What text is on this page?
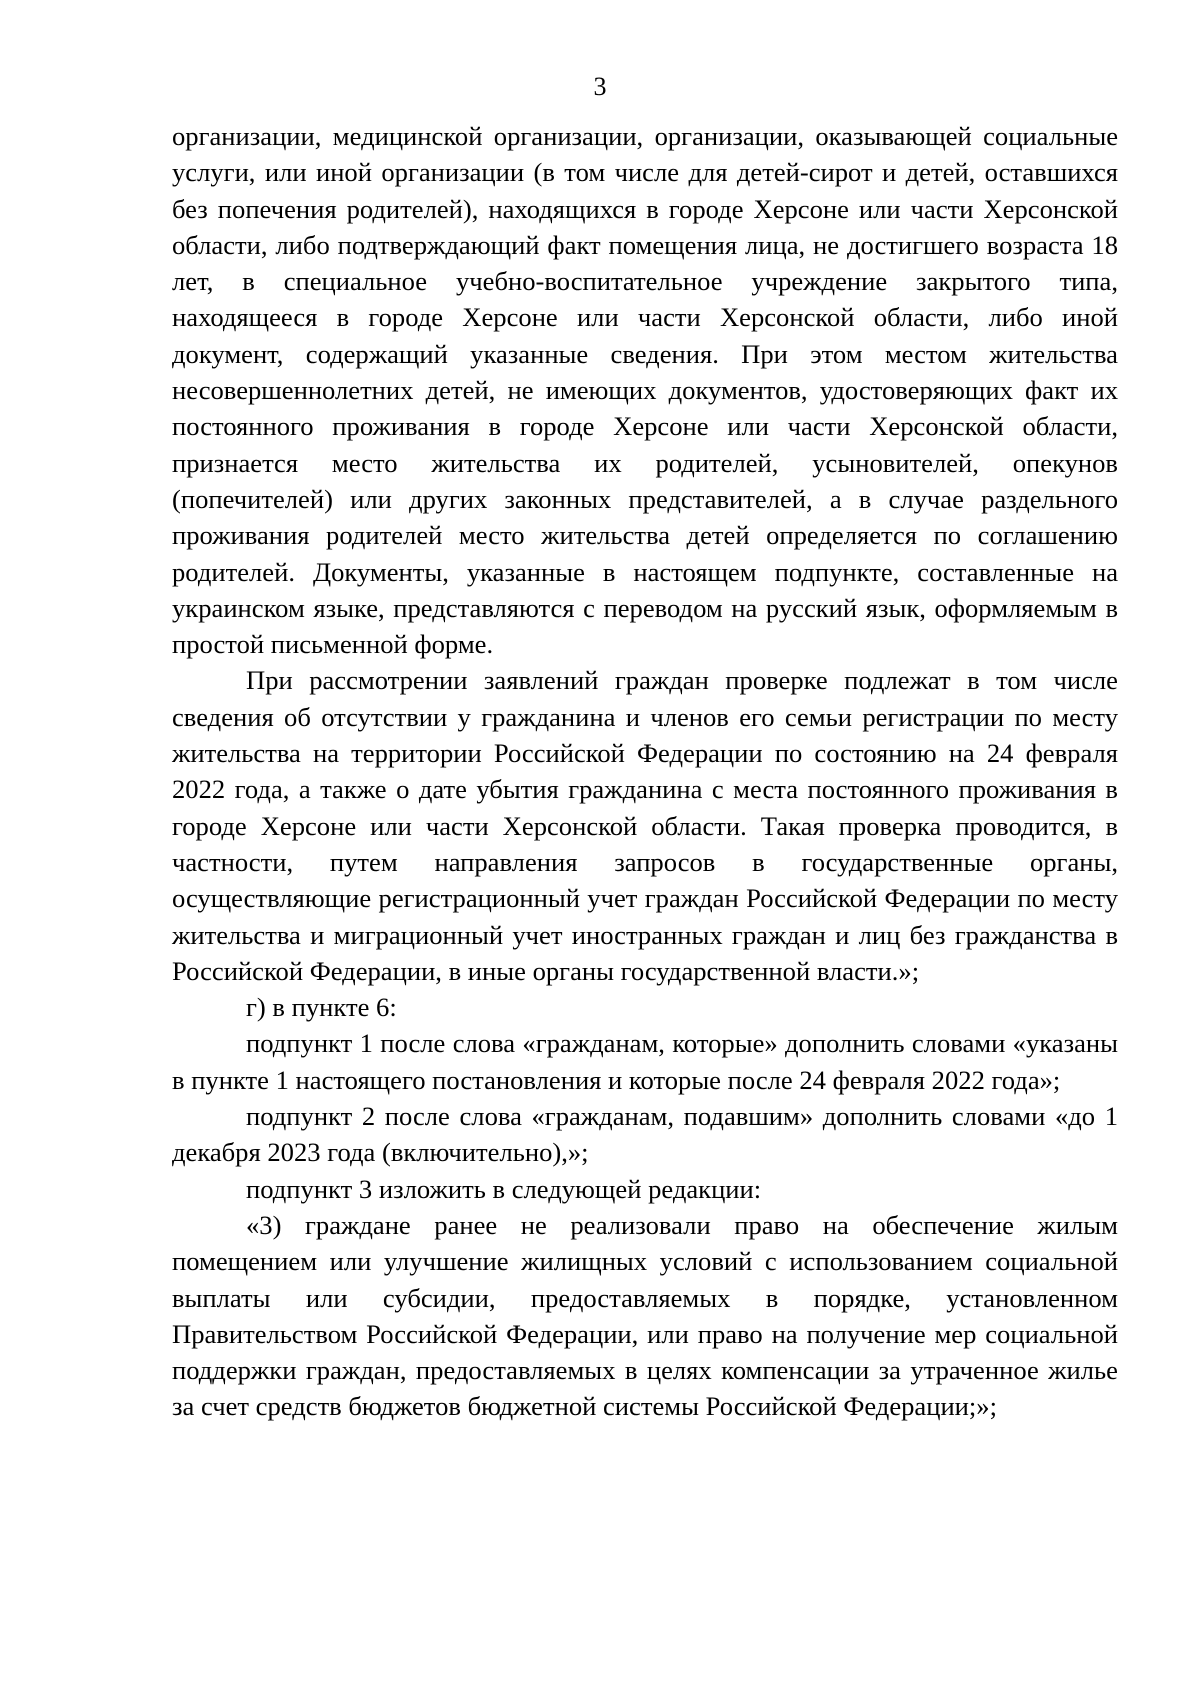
3

организации, медицинской организации, организации, оказывающей социальные услуги, или иной организации (в том числе для детей-сирот и детей, оставшихся без попечения родителей), находящихся в городе Херсоне или части Херсонской области, либо подтверждающий факт помещения лица, не достигшего возраста 18 лет, в специальное учебно-воспитательное учреждение закрытого типа, находящееся в городе Херсоне или части Херсонской области, либо иной документ, содержащий указанные сведения. При этом местом жительства несовершеннолетних детей, не имеющих документов, удостоверяющих факт их постоянного проживания в городе Херсоне или части Херсонской области, признается место жительства их родителей, усыновителей, опекунов (попечителей) или других законных представителей, а в случае раздельного проживания родителей место жительства детей определяется по соглашению родителей. Документы, указанные в настоящем подпункте, составленные на украинском языке, представляются с переводом на русский язык, оформляемым в простой письменной форме.

При рассмотрении заявлений граждан проверке подлежат в том числе сведения об отсутствии у гражданина и членов его семьи регистрации по месту жительства на территории Российской Федерации по состоянию на 24 февраля 2022 года, а также о дате убытия гражданина с места постоянного проживания в городе Херсоне или части Херсонской области. Такая проверка проводится, в частности, путем направления запросов в государственные органы, осуществляющие регистрационный учет граждан Российской Федерации по месту жительства и миграционный учет иностранных граждан и лиц без гражданства в Российской Федерации, в иные органы государственной власти.»;

г) в пункте 6:

подпункт 1 после слова «гражданам, которые» дополнить словами «указаны в пункте 1 настоящего постановления и которые после 24 февраля 2022 года»;

подпункт 2 после слова «гражданам, подавшим» дополнить словами «до 1 декабря 2023 года (включительно),»;

подпункт 3 изложить в следующей редакции:

«3) граждане ранее не реализовали право на обеспечение жилым помещением или улучшение жилищных условий с использованием социальной выплаты или субсидии, предоставляемых в порядке, установленном Правительством Российской Федерации, или право на получение мер социальной поддержки граждан, предоставляемых в целях компенсации за утраченное жилье за счет средств бюджетов бюджетной системы Российской Федерации;»;
